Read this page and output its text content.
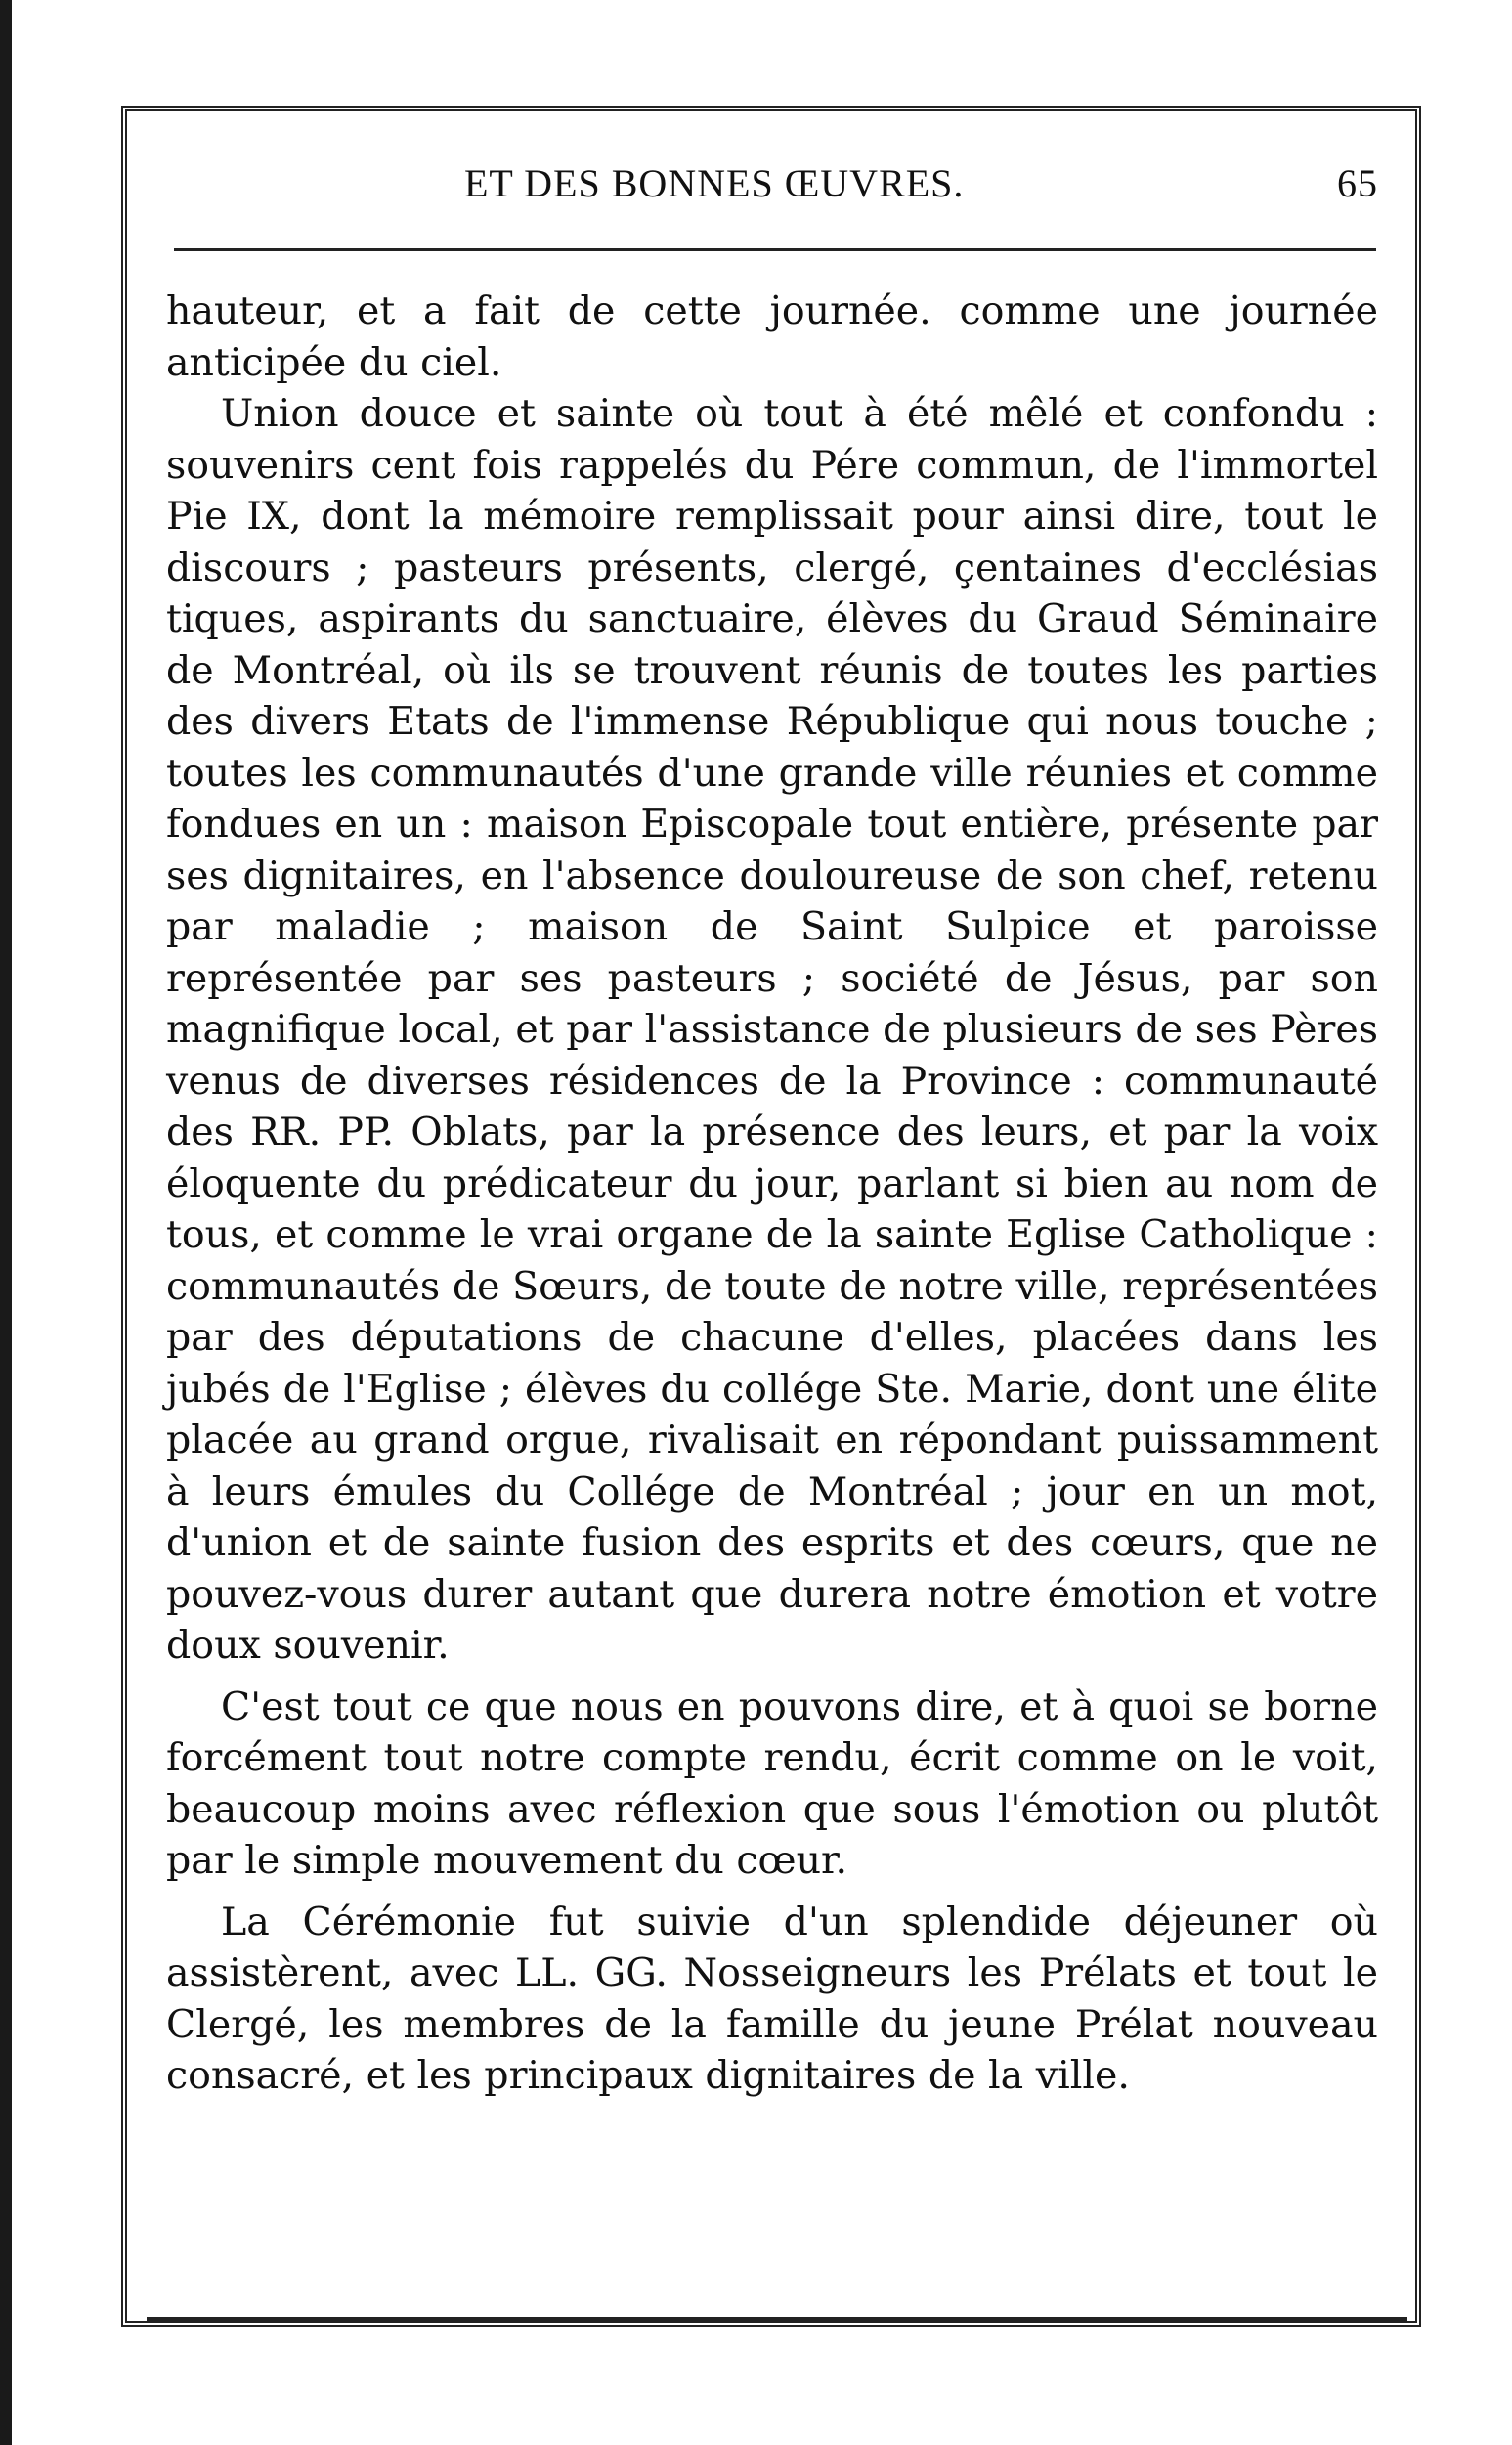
ET DES BONNES ŒUVRES.	65

hauteur, et a fait de cette journée. comme une journée anticipée du ciel.

Union douce et sainte où tout à été mêlé et confondu : souvenirs cent fois rappelés du Pére commun, de l'immortel Pie IX, dont la mémoire remplissait pour ainsi dire, tout le discours ; pasteurs présents, clergé, çentaines d'ecclésias tiques, aspirants du sanctuaire, élèves du Graud Séminaire de Montréal, où ils se trouvent réunis de toutes les parties des divers Etats de l'immense République qui nous touche ; toutes les communautés d'une grande ville réunies et comme fondues en un : maison Episcopale tout entière, présente par ses dignitaires, en l'absence douloureuse de son chef, retenu par maladie ; maison de Saint Sulpice et paroisse représentée par ses pasteurs ; société de Jésus, par son magnifique local, et par l'assistance de plusieurs de ses Pères venus de diverses résidences de la Province : communauté des RR. PP. Oblats, par la présence des leurs, et par la voix éloquente du prédicateur du jour, parlant si bien au nom de tous, et comme le vrai organe de la sainte Eglise Catholique : communautés de Sœurs, de toute de notre ville, représentées par des députations de chacune d'elles, placées dans les jubés de l'Eglise ; élèves du collége Ste. Marie, dont une élite placée au grand orgue, rivalisait en répondant puissamment à leurs émules du Collége de Montréal ; jour en un mot, d'union et de sainte fusion des esprits et des cœurs, que ne pouvez-vous durer autant que durera notre émotion et votre doux souvenir.

C'est tout ce que nous en pouvons dire, et à quoi se borne forcément tout notre compte rendu, écrit comme on le voit, beaucoup moins avec réflexion que sous l'émotion ou plutôt par le simple mouvement du cœur.

La Cérémonie fut suivie d'un splendide déjeuner où assistèrent, avec LL. GG. Nosseigneurs les Prélats et tout le Clergé, les membres de la famille du jeune Prélat nouveau consacré, et les principaux dignitaires de la ville.
